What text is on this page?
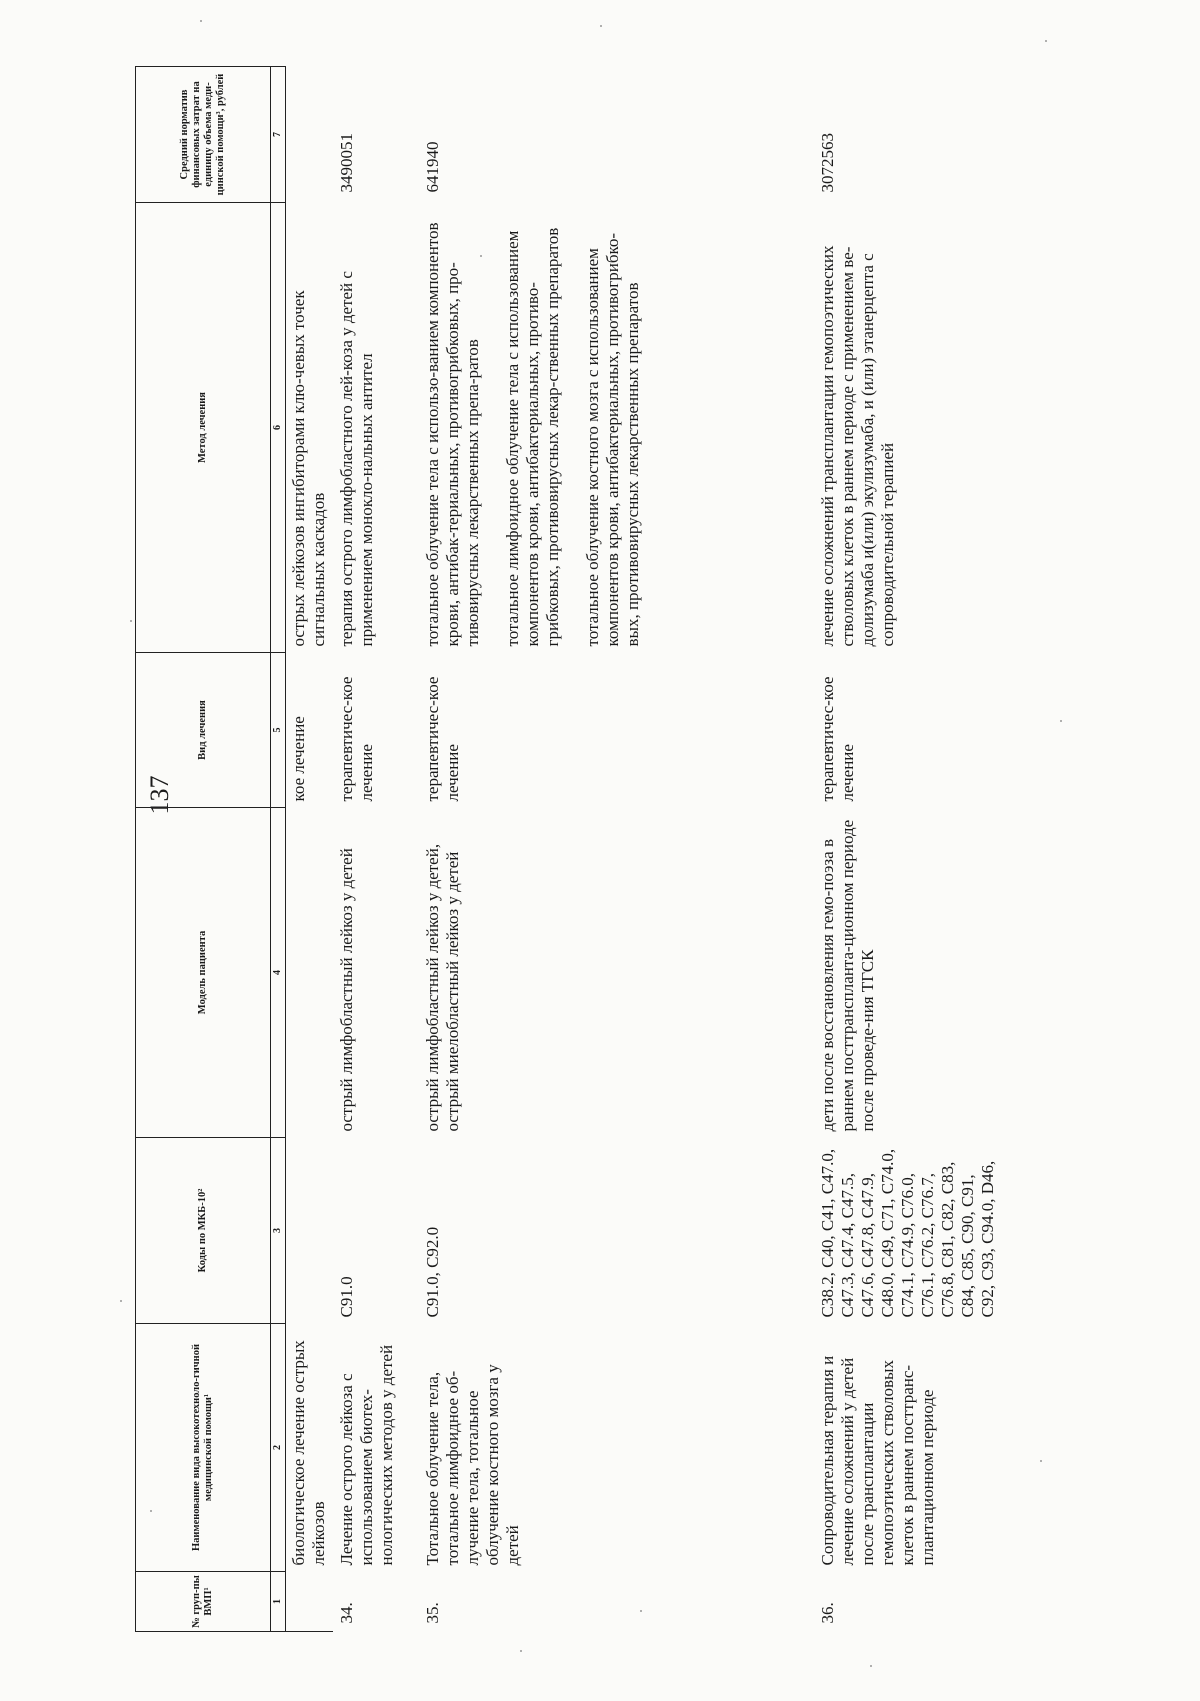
137
№ груп-пы ВМП¹	Наименование вида высокотехноло-гичной медицинской помощи¹	Коды по МКБ-10²	Модель пациента	Вид лечения	Метод лечения	Средний норматив финансовых затрат на единицу объема меди-цинской помощи³, рублей
1	2	3	4	5	6	7
	биологическое лечение острых лейкозов			кое лечение	острых лейкозов ингибиторами клю-чевых точек сигнальных каскадов	
34.	Лечение острого лейкоза с использованием биотех-нологических методов у детей	C91.0	острый лимфобластный лейкоз у детей	терапевтичес-кое лечение	терапия острого лимфобластного лей-коза у детей с применением моноклo-нальных антител	3490051
35.	Тотальное облучение тела, тотальное лимфоидное об-лучение тела, тотальное облучение костного мозга у детей	C91.0, C92.0	острый лимфобластный лейкоз у детей, острый миелобластный лейкоз у детей	терапевтичес-кое лечение	тотальное облучение тела с использо-ванием компонентов крови, антибак-териальных, противогрибковых, про-тивовирусных лекарственных препа-ратов тотальное лимфоидное облучение тела с использованием компонентов крови, антибактериальных, противо-грибковых, противовирусных лекар-ственных препаратов тотальное облучение костного мозга с использованием компонентов крови, антибактериальных, противогрибко-вых, противовирусных лекарственных препаратов	641940
36.	Сопроводительная терапия и лечение осложнений у детей после трансплантации гемопоэтических стволовых клеток в раннем посттранс-плантационном периоде	C38.2, C40, C41, C47.0, C47.3, C47.4, C47.5, C47.6, C47.8, C47.9, C48.0, C49, C71, C74.0, C74.1, C74.9, C76.0, C76.1, C76.2, C76.7, C76.8, C81, C82, C83, C84, C85, C90, C91, C92, C93, C94.0, D46,	дети после восстановления гемо-поэза в раннем посттранспланта-ционном периоде после проведе-ния ТГСК	терапевтичес-кое лечение	лечение осложнений трансплантации гемопоэтических стволовых клеток в раннем периоде с применением ве-долизумаба и(или) экулизумаба, и (или) этанерцепта с сопроводительной терапией	3072563
